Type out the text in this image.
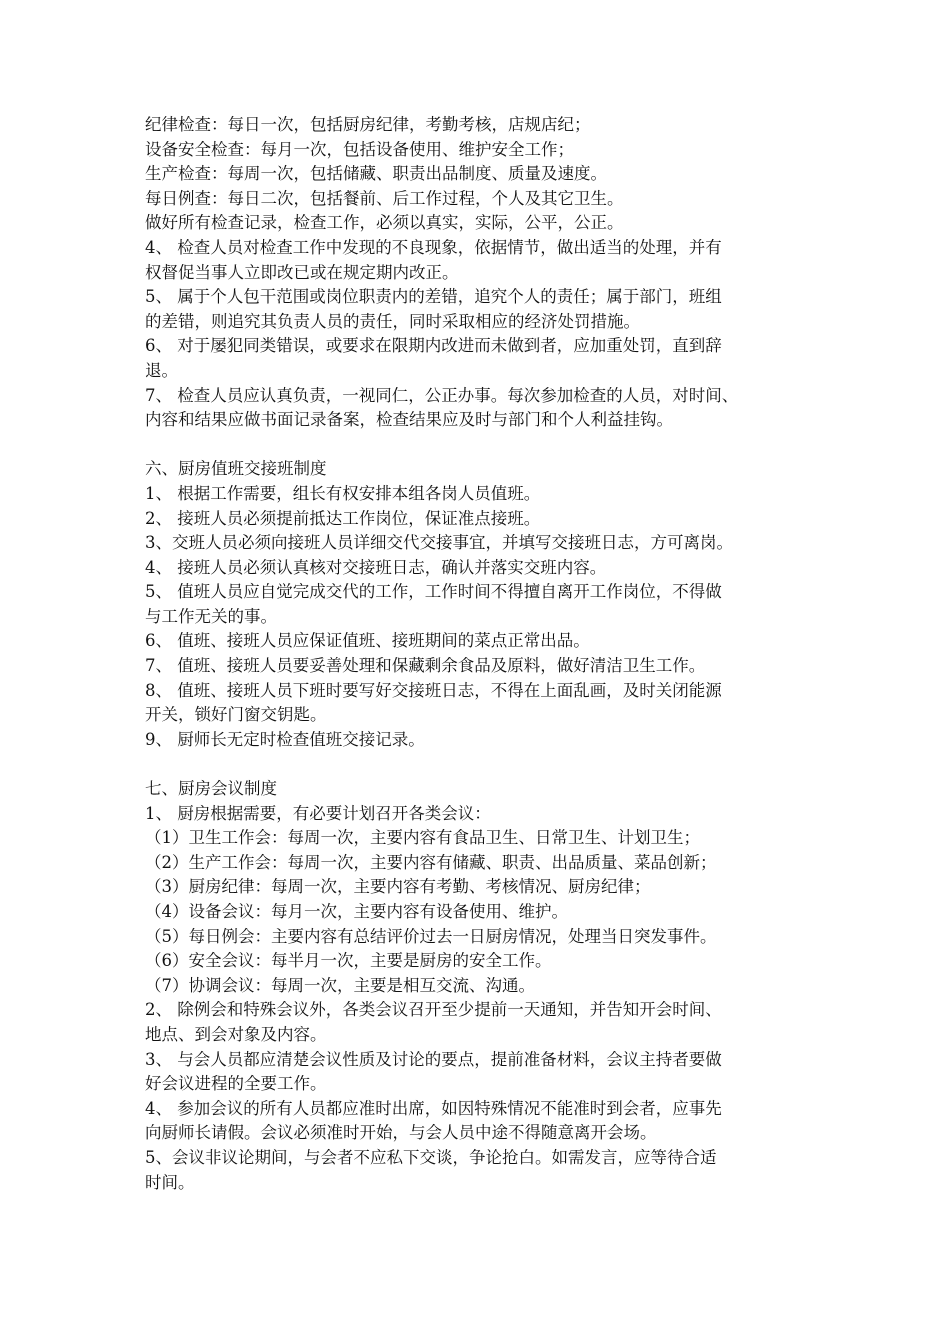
纪律检查：每日一次，包括厨房纪律，考勤考核，店规店纪；
设备安全检查：每月一次，包括设备使用、维护安全工作；
生产检查：每周一次，包括储藏、职责出品制度、质量及速度。
每日例查：每日二次，包括餐前、后工作过程，个人及其它卫生。
做好所有检查记录，检查工作，必须以真实，实际，公平，公正。
4、 检查人员对检查工作中发现的不良现象，依据情节，做出适当的处理，并有
权督促当事人立即改已或在规定期内改正。
5、 属于个人包干范围或岗位职责内的差错，追究个人的责任；属于部门，班组
的差错，则追究其负责人员的责任，同时采取相应的经济处罚措施。
6、 对于屡犯同类错误，或要求在限期内改进而未做到者，应加重处罚，直到辞
退。
7、 检查人员应认真负责，一视同仁，公正办事。每次参加检查的人员，对时间、
内容和结果应做书面记录备案，检查结果应及时与部门和个人利益挂钩。
六、厨房值班交接班制度
1、 根据工作需要，组长有权安排本组各岗人员值班。
2、 接班人员必须提前抵达工作岗位，保证准点接班。
3、交班人员必须向接班人员详细交代交接事宜，并填写交接班日志，方可离岗。
4、 接班人员必须认真核对交接班日志，确认并落实交班内容。
5、 值班人员应自觉完成交代的工作，工作时间不得擅自离开工作岗位，不得做
与工作无关的事。
6、 值班、接班人员应保证值班、接班期间的菜点正常出品。
7、 值班、接班人员要妥善处理和保藏剩余食品及原料，做好清洁卫生工作。
8、 值班、接班人员下班时要写好交接班日志，不得在上面乱画，及时关闭能源
开关，锁好门窗交钥匙。
9、 厨师长无定时检查值班交接记录。
七、厨房会议制度
1、 厨房根据需要，有必要计划召开各类会议：
（1）卫生工作会：每周一次，主要内容有食品卫生、日常卫生、计划卫生；
（2）生产工作会：每周一次，主要内容有储藏、职责、出品质量、菜品创新；
（3）厨房纪律：每周一次，主要内容有考勤、考核情况、厨房纪律；
（4）设备会议：每月一次，主要内容有设备使用、维护。
（5）每日例会：主要内容有总结评价过去一日厨房情况，处理当日突发事件。
（6）安全会议：每半月一次，主要是厨房的安全工作。
（7）协调会议：每周一次，主要是相互交流、沟通。
2、 除例会和特殊会议外，各类会议召开至少提前一天通知，并告知开会时间、
地点、到会对象及内容。
3、 与会人员都应清楚会议性质及讨论的要点，提前准备材料，会议主持者要做
好会议进程的全要工作。
4、 参加会议的所有人员都应准时出席，如因特殊情况不能准时到会者，应事先
向厨师长请假。会议必须准时开始，与会人员中途不得随意离开会场。
5、会议非议论期间，与会者不应私下交谈，争论抢白。如需发言，应等待合适
时间。
